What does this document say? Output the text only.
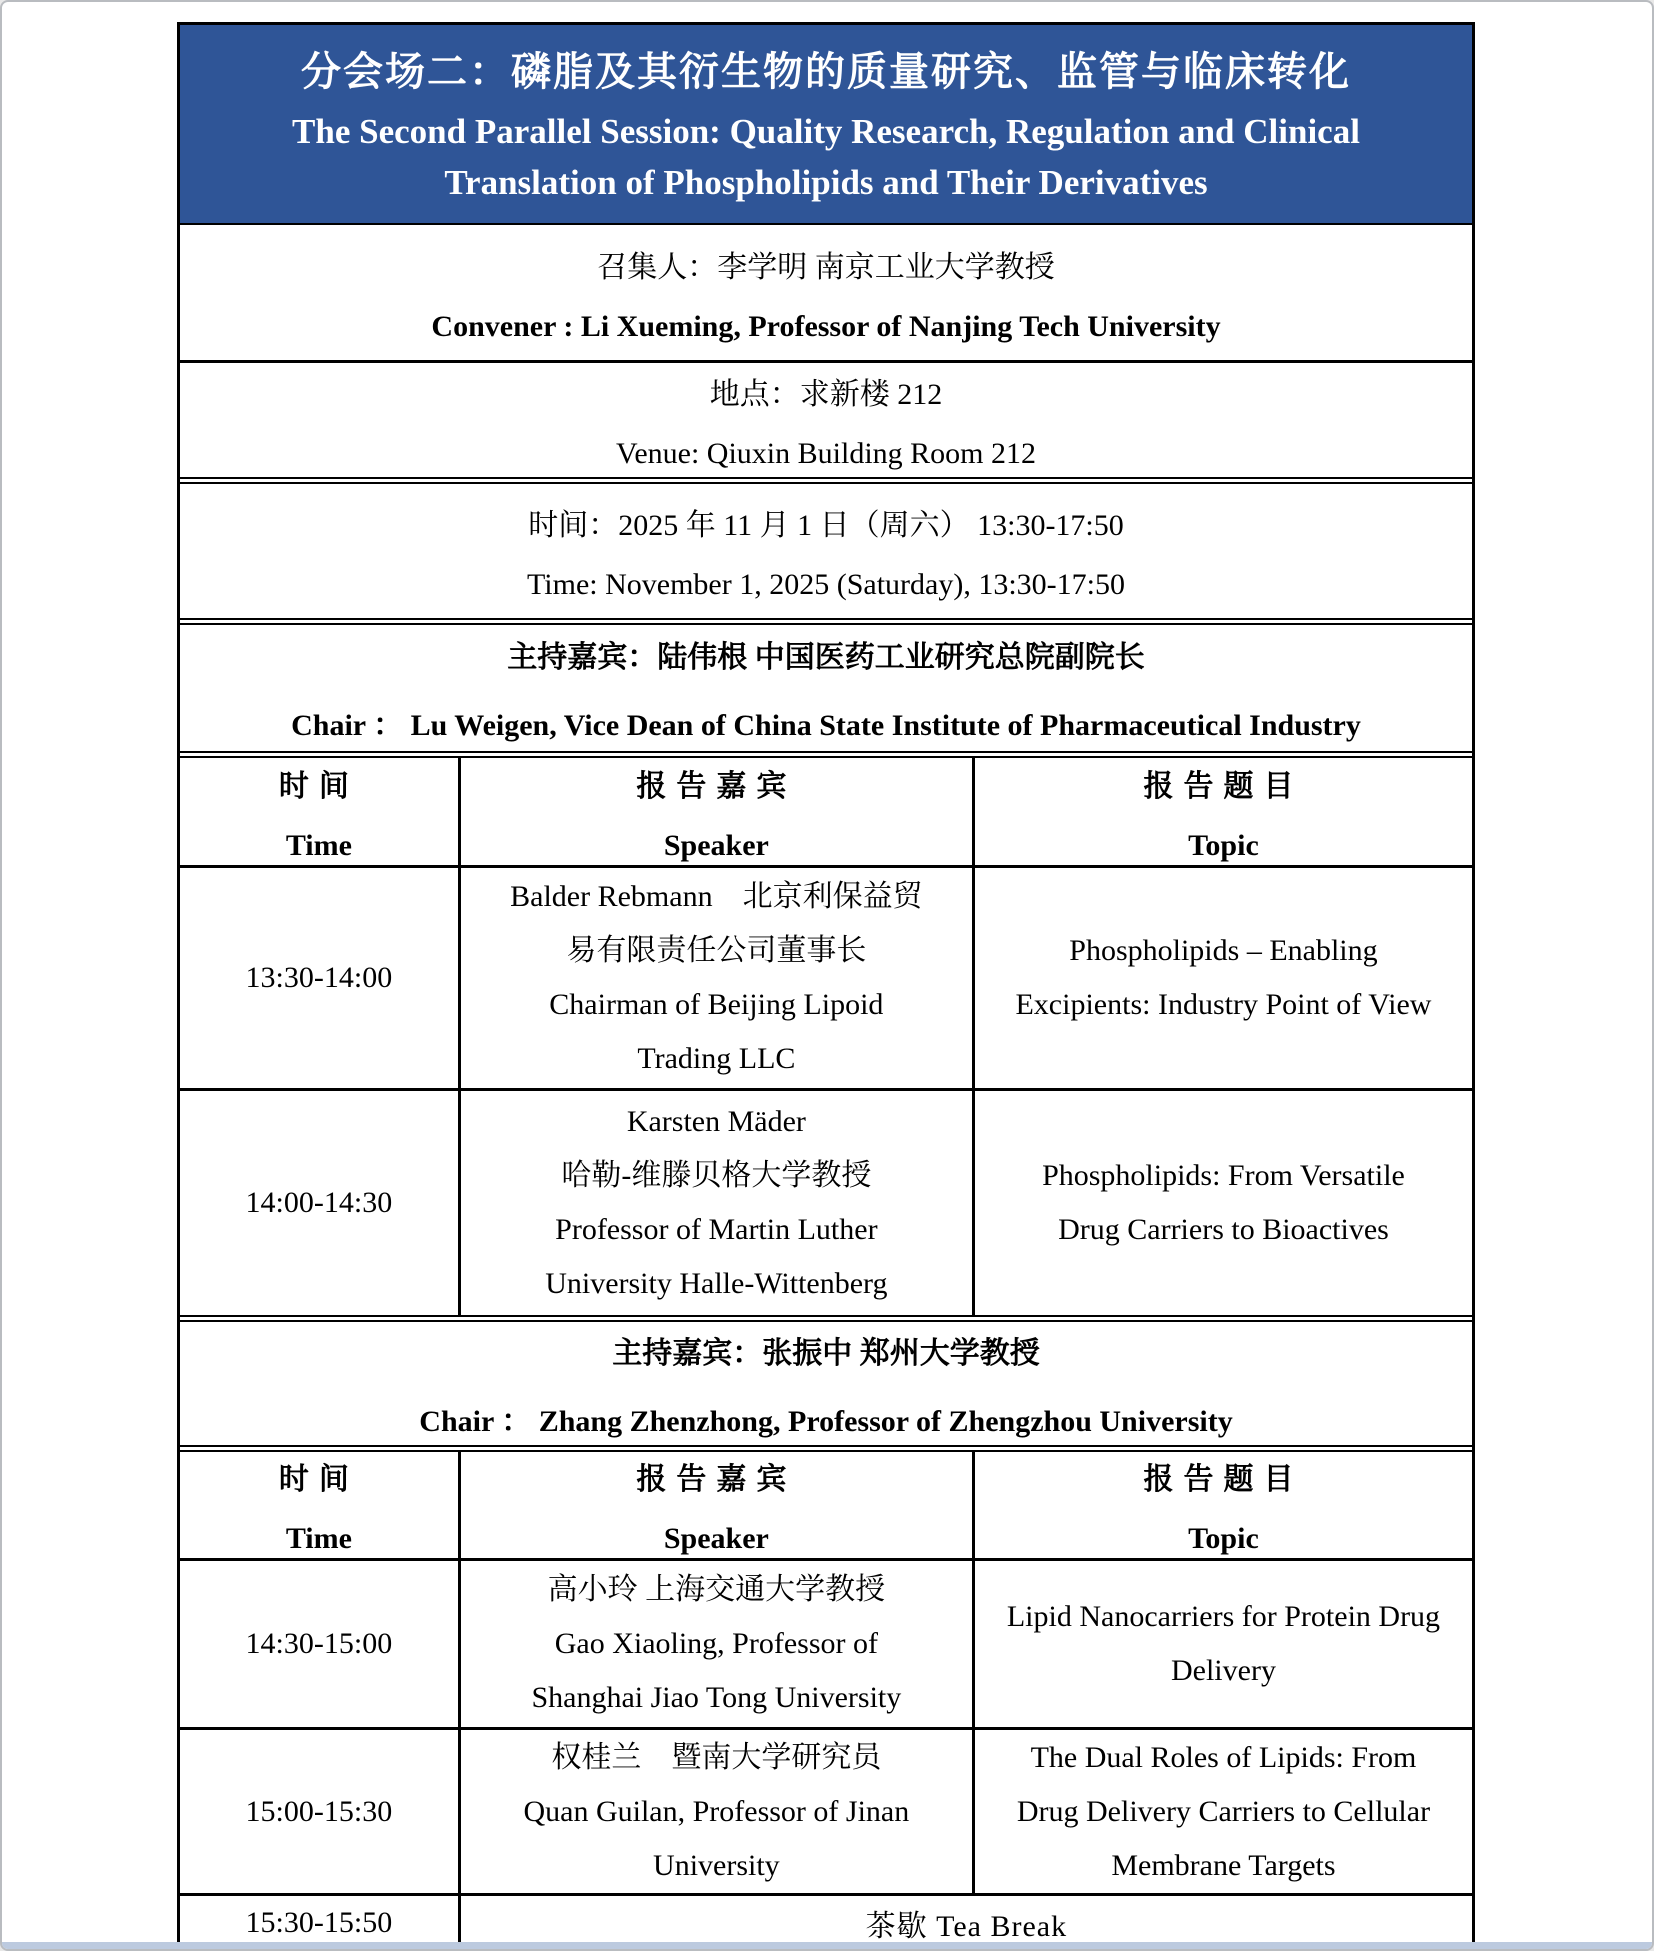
分会场二：磷脂及其衍生物的质量研究、监管与临床转化
The Second Parallel Session: Quality Research, Regulation and Clinical
Translation of Phospholipids and Their Derivatives
召集人：李学明 南京工业大学教授
Convener : Li Xueming, Professor of Nanjing Tech University
地点：求新楼 212
Venue: Qiuxin Building Room 212
时间：2025 年 11 月 1 日（周六） 13:30-17:50
Time: November 1, 2025 (Saturday), 13:30-17:50
主持嘉宾：陆伟根 中国医药工业研究总院副院长
Chair ： Lu Weigen, Vice Dean of China State Institute of Pharmaceutical Industry
时间
Time
报告嘉宾
Speaker
报告题目
Topic
13:30-14:00
Balder Rebmann　北京利保益贸
易有限责任公司董事长
Chairman of Beijing Lipoid
Trading LLC
Phospholipids – Enabling
Excipients: Industry Point of View
14:00-14:30
Karsten Mäder
哈勒-维滕贝格大学教授
Professor of Martin Luther
University Halle-Wittenberg
Phospholipids: From Versatile
Drug Carriers to Bioactives
主持嘉宾：张振中 郑州大学教授
Chair ： Zhang Zhenzhong, Professor of Zhengzhou University
时间
Time
报告嘉宾
Speaker
报告题目
Topic
14:30-15:00
高小玲 上海交通大学教授
Gao Xiaoling, Professor of
Shanghai Jiao Tong University
Lipid Nanocarriers for Protein Drug
Delivery
15:00-15:30
权桂兰　暨南大学研究员
Quan Guilan, Professor of Jinan
University
The Dual Roles of Lipids: From
Drug Delivery Carriers to Cellular
Membrane Targets
15:30-15:50	茶歇 Tea Break
